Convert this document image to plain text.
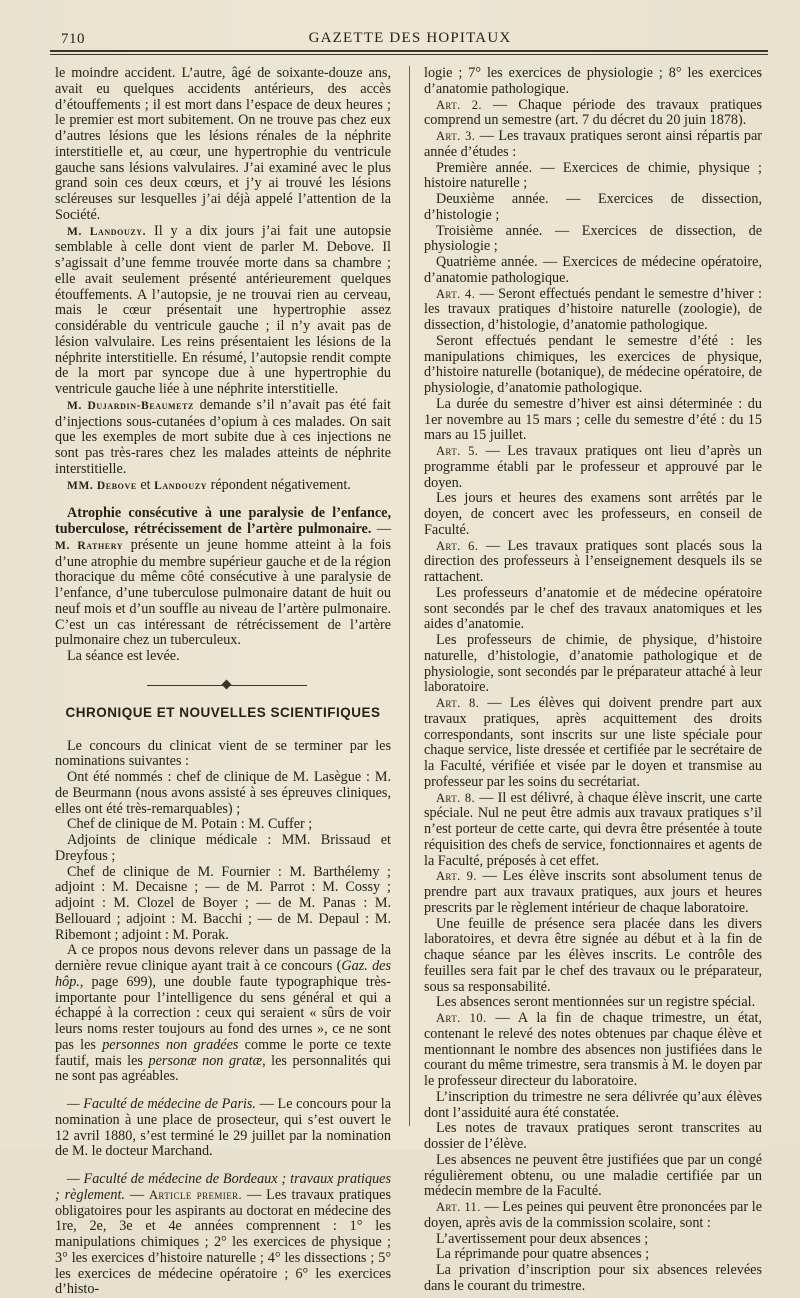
710	GAZETTE DES HOPITAUX

le moindre accident. L’autre, âgé de soixante-douze ans, avait eu quelques accidents antérieurs, des accès d’étouffements ; il est mort dans l’espace de deux heures ; le premier est mort subitement. On ne trouve pas chez eux d’autres lésions que les lésions rénales de la néphrite interstitielle et, au cœur, une hypertrophie du ventricule gauche sans lésions valvulaires. J’ai examiné avec le plus grand soin ces deux cœurs, et j’y ai trouvé les lésions scléreuses sur lesquelles j’ai déjà appelé l’attention de la Société.

M. Landouzy. Il y a dix jours j’ai fait une autopsie semblable à celle dont vient de parler M. Debove. Il s’agissait d’une femme trouvée morte dans sa chambre ; elle avait seulement présenté antérieurement quelques étouffements. A l’autopsie, je ne trouvai rien au cerveau, mais le cœur présentait une hypertrophie assez considérable du ventricule gauche ; il n’y avait pas de lésion valvulaire. Les reins présentaient les lésions de la néphrite interstitielle. En résumé, l’autopsie rendit compte de la mort par syncope due à une hypertrophie du ventricule gauche liée à une néphrite interstitielle.

M. Dujardin-Beaumetz demande s’il n’avait pas été fait d’injections sous-cutanées d’opium à ces malades. On sait que les exemples de mort subite due à ces injections ne sont pas très-rares chez les malades atteints de néphrite interstitielle.

MM. Debove et Landouzy répondent négativement.

Atrophie consécutive à une paralysie de l’enfance, tuberculose, rétrécissement de l’artère pulmonaire. — M. Rathery présente un jeune homme atteint à la fois d’une atrophie du membre supérieur gauche et de la région thoracique du même côté consécutive à une paralysie de l’enfance, d’une tuberculose pulmonaire datant de huit ou neuf mois et d’un souffle au niveau de l’artère pulmonaire. C’est un cas intéressant de rétrécissement de l’artère pulmonaire chez un tuberculeux.

La séance est levée.

CHRONIQUE ET NOUVELLES SCIENTIFIQUES

Le concours du clinicat vient de se terminer par les nominations suivantes :

Ont été nommés : chef de clinique de M. Lasègue : M. de Beurmann (nous avons assisté à ses épreuves cliniques, elles ont été très-remarquables) ;

Chef de clinique de M. Potain : M. Cuffer ;

Adjoints de clinique médicale : MM. Brissaud et Dreyfous ;

Chef de clinique de M. Fournier : M. Barthélemy ; adjoint : M. Decaisne ; — de M. Parrot : M. Cossy ; adjoint : M. Clozel de Boyer ; — de M. Panas : M. Bellouard ; adjoint : M. Bacchi ; — de M. Depaul : M. Ribemont ; adjoint : M. Porak.

A ce propos nous devons relever dans un passage de la dernière revue clinique ayant trait à ce concours (Gaz. des hôp., page 699), une double faute typographique très-importante pour l’intelligence du sens général et qui a échappé à la correction : ceux qui seraient « sûrs de voir leurs noms rester toujours au fond des urnes », ce ne sont pas les personnes non gradées comme le porte ce texte fautif, mais les personæ non gratæ, les personnalités qui ne sont pas agréables.

— Faculté de médecine de Paris. — Le concours pour la nomination à une place de prosecteur, qui s’est ouvert le 12 avril 1880, s’est terminé le 29 juillet par la nomination de M. le docteur Marchand.

— Faculté de médecine de Bordeaux ; travaux pratiques ; règlement. — Article premier. — Les travaux pratiques obligatoires pour les aspirants au doctorat en médecine des 1re, 2e, 3e et 4e années comprennent : 1° les manipulations chimiques ; 2° les exercices de physique ; 3° les exercices d’histoire naturelle ; 4° les dissections ; 5° les exercices de médecine opératoire ; 6° les exercices d’histo-

logie ; 7° les exercices de physiologie ; 8° les exercices d’anatomie pathologique.

Art. 2. — Chaque période des travaux pratiques comprend un semestre (art. 7 du décret du 20 juin 1878).

Art. 3. — Les travaux pratiques seront ainsi répartis par année d’études :

Première année. — Exercices de chimie, physique ; histoire naturelle ;

Deuxième année. — Exercices de dissection, d’histologie ;

Troisième année. — Exercices de dissection, de physiologie ;

Quatrième année. — Exercices de médecine opératoire, d’anatomie pathologique.

Art. 4. — Seront effectués pendant le semestre d’hiver : les travaux pratiques d’histoire naturelle (zoologie), de dissection, d’histologie, d’anatomie pathologique.

Seront effectués pendant le semestre d’été : les manipulations chimiques, les exercices de physique, d’histoire naturelle (botanique), de médecine opératoire, de physiologie, d’anatomie pathologique.

La durée du semestre d’hiver est ainsi déterminée : du 1er novembre au 15 mars ; celle du semestre d’été : du 15 mars au 15 juillet.

Art. 5. — Les travaux pratiques ont lieu d’après un programme établi par le professeur et approuvé par le doyen.

Les jours et heures des examens sont arrêtés par le doyen, de concert avec les professeurs, en conseil de Faculté.

Art. 6. — Les travaux pratiques sont placés sous la direction des professeurs à l’enseignement desquels ils se rattachent.

Les professeurs d’anatomie et de médecine opératoire sont secondés par le chef des travaux anatomiques et les aides d’anatomie.

Les professeurs de chimie, de physique, d’histoire naturelle, d’histologie, d’anatomie pathologique et de physiologie, sont secondés par le préparateur attaché à leur laboratoire.

Art. 8. — Les élèves qui doivent prendre part aux travaux pratiques, après acquittement des droits correspondants, sont inscrits sur une liste spéciale pour chaque service, liste dressée et certifiée par le secrétaire de la Faculté, vérifiée et visée par le doyen et transmise au professeur par les soins du secrétariat.

Art. 8. — Il est délivré, à chaque élève inscrit, une carte spéciale. Nul ne peut être admis aux travaux pratiques s’il n’est porteur de cette carte, qui devra être présentée à toute réquisition des chefs de service, fonctionnaires et agents de la Faculté, préposés à cet effet.

Art. 9. — Les élève inscrits sont absolument tenus de prendre part aux travaux pratiques, aux jours et heures prescrits par le règlement intérieur de chaque laboratoire.

Une feuille de présence sera placée dans les divers laboratoires, et devra être signée au début et à la fin de chaque séance par les élèves inscrits. Le contrôle des feuilles sera fait par le chef des travaux ou le préparateur, sous sa responsabilité.

Les absences seront mentionnées sur un registre spécial.

Art. 10. — A la fin de chaque trimestre, un état, contenant le relevé des notes obtenues par chaque élève et mentionnant le nombre des absences non justifiées dans le courant du même trimestre, sera transmis à M. le doyen par le professeur directeur du laboratoire.

L’inscription du trimestre ne sera délivrée qu’aux élèves dont l’assiduité aura été constatée.

Les notes de travaux pratiques seront transcrites au dossier de l’élève.

Les absences ne peuvent être justifiées que par un congé régulièrement obtenu, ou une maladie certifiée par un médecin membre de la Faculté.

Art. 11. — Les peines qui peuvent être prononcées par le doyen, après avis de la commission scolaire, sont :

L’avertissement pour deux absences ;

La réprimande pour quatre absences ;

La privation d’inscription pour six absences relevées dans le courant du trimestre.
